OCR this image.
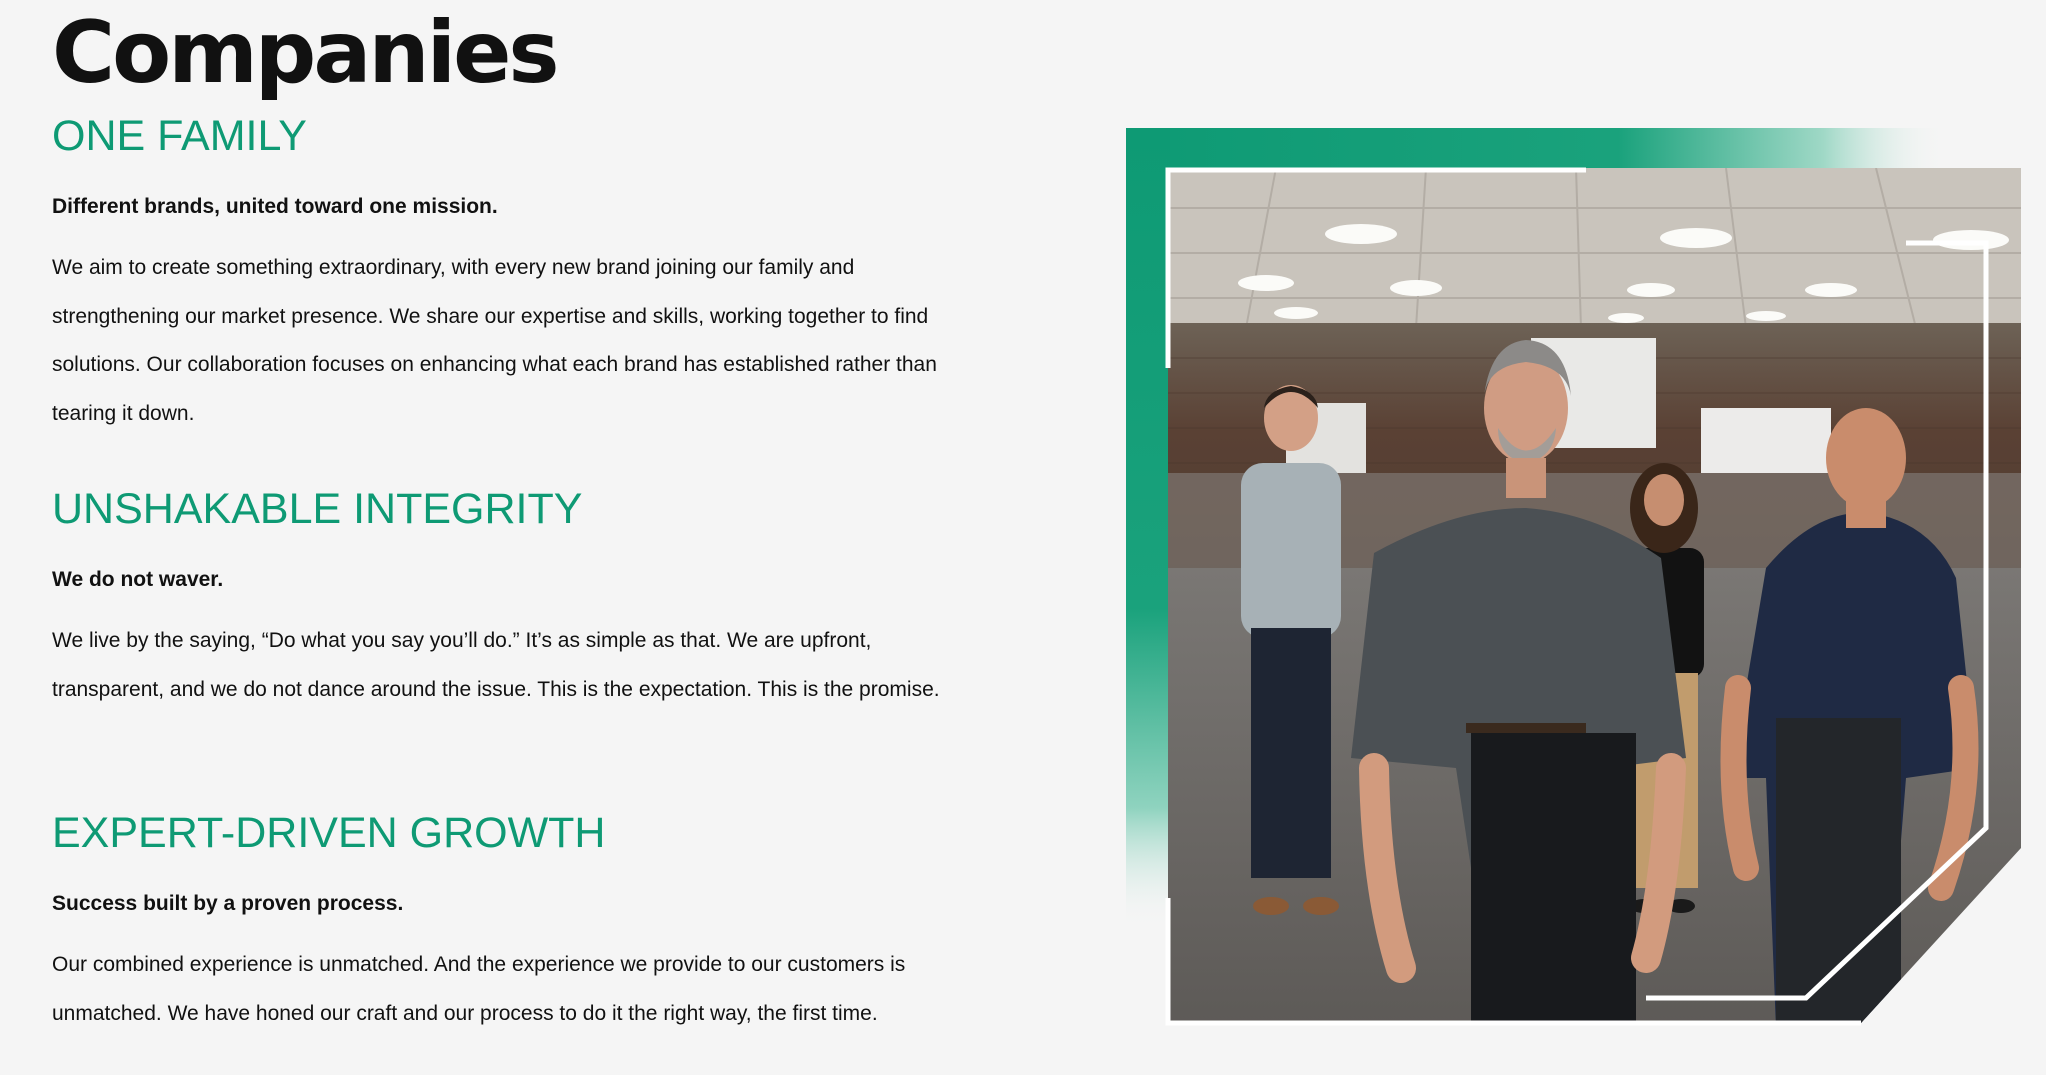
Companies
ONE FAMILY

Different brands, united toward one mission.

We aim to create something extraordinary, with every new brand joining our family and strengthening our market presence. We share our expertise and skills, working together to find solutions. Our collaboration focuses on enhancing what each brand has established rather than tearing it down.

UNSHAKABLE INTEGRITY

We do not waver.

We live by the saying, “Do what you say you’ll do.” It’s as simple as that. We are upfront, transparent, and we do not dance around the issue. This is the expectation. This is the promise.

EXPERT-DRIVEN GROWTH

Success built by a proven process.

Our combined experience is unmatched. And the experience we provide to our customers is unmatched. We have honed our craft and our process to do it the right way, the first time.
